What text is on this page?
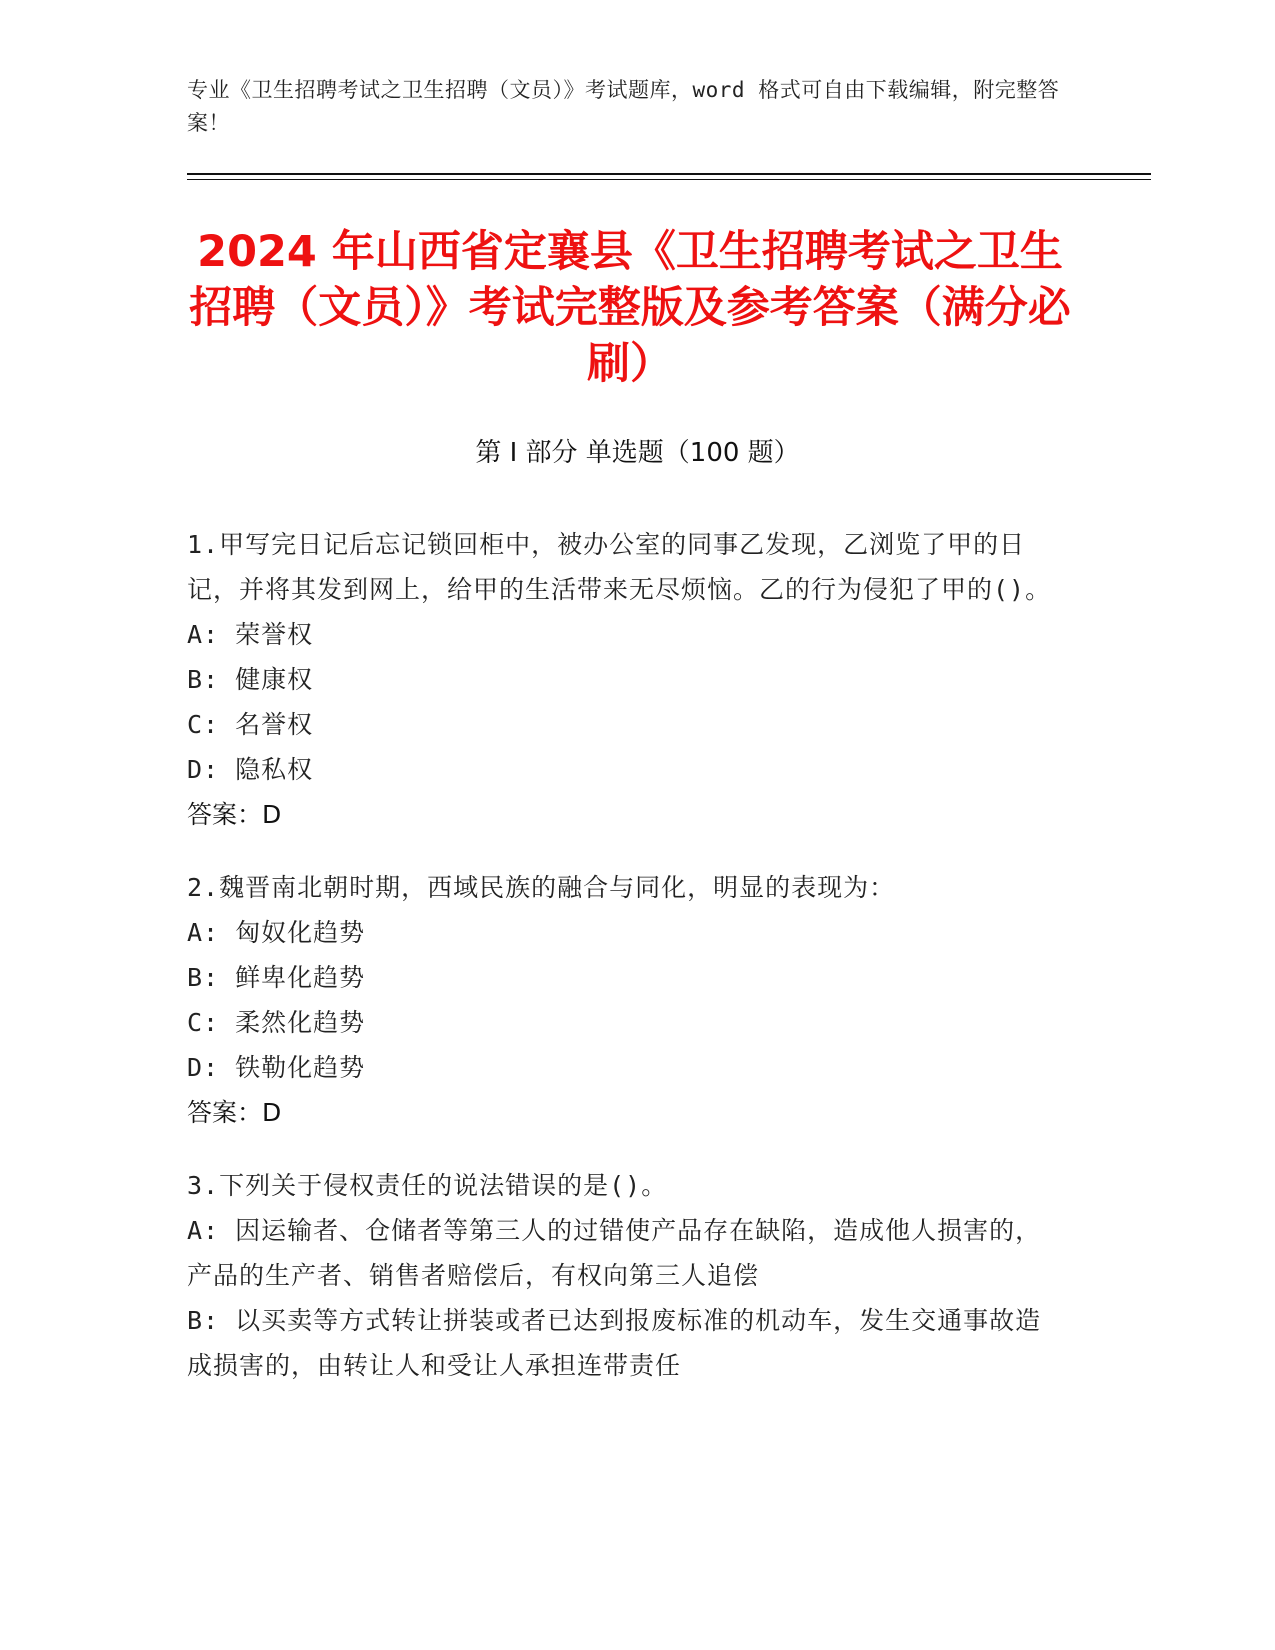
专业《卫生招聘考试之卫生招聘（文员）》考试题库，word 格式可自由下载编辑，附完整答案！
2024 年山西省定襄县《卫生招聘考试之卫生招聘（文员）》考试完整版及参考答案（满分必刷）
第 I 部分 单选题（100 题）
1.甲写完日记后忘记锁回柜中，被办公室的同事乙发现，乙浏览了甲的日记，并将其发到网上，给甲的生活带来无尽烦恼。乙的行为侵犯了甲的()。
A: 荣誉权
B: 健康权
C: 名誉权
D: 隐私权
答案：D
2.魏晋南北朝时期，西域民族的融合与同化，明显的表现为：
A: 匈奴化趋势
B: 鲜卑化趋势
C: 柔然化趋势
D: 铁勒化趋势
答案：D
3.下列关于侵权责任的说法错误的是()。
A: 因运输者、仓储者等第三人的过错使产品存在缺陷，造成他人损害的，产品的生产者、销售者赔偿后，有权向第三人追偿
B: 以买卖等方式转让拼装或者已达到报废标准的机动车，发生交通事故造成损害的，由转让人和受让人承担连带责任
